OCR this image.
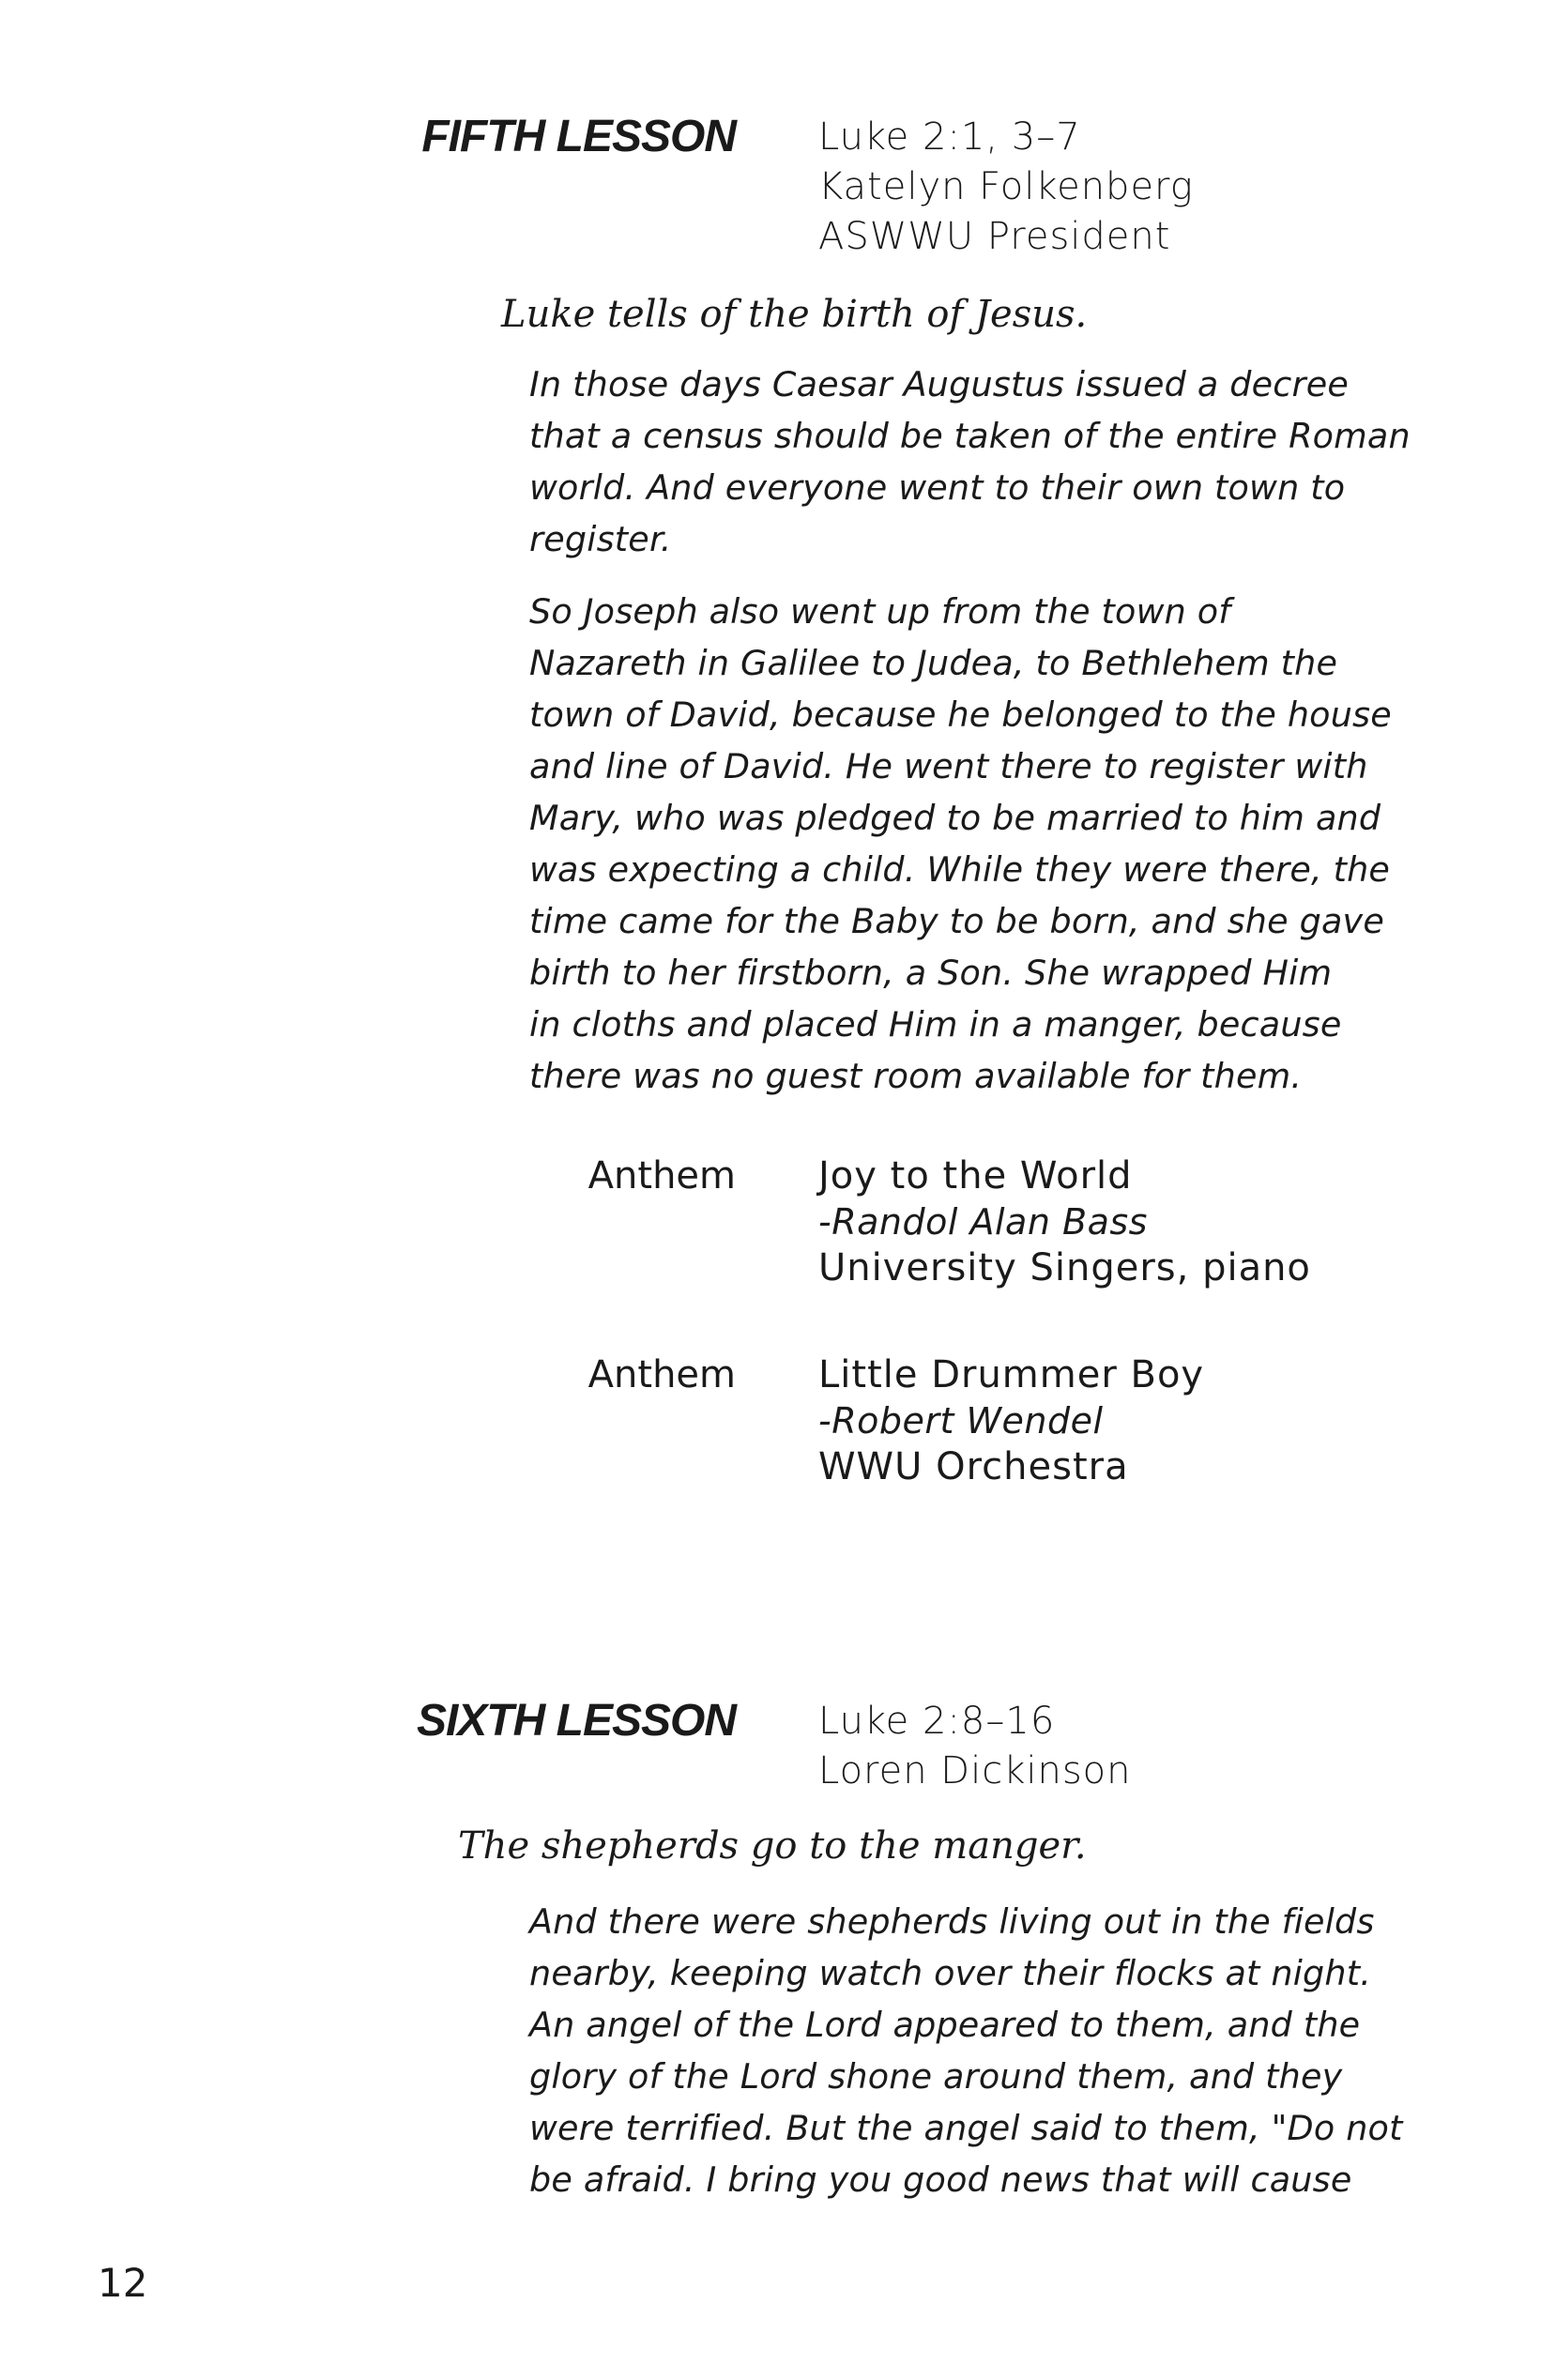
FIFTH LESSON Luke 2:1, 3–7
Katelyn Folkenberg
ASWWU President
Luke tells of the birth of Jesus.

In those days Caesar Augustus issued a decree
that a census should be taken of the entire Roman
world. And everyone went to their own town to
register.

So Joseph also went up from the town of
Nazareth in Galilee to Judea, to Bethlehem the
town of David, because he belonged to the house
and line of David. He went there to register with
Mary, who was pledged to be married to him and
was expecting a child. While they were there, the
time came for the Baby to be born, and she gave
birth to her firstborn, a Son. She wrapped Him
in cloths and placed Him in a manger, because
there was no guest room available for them.

Anthem Joy to the World
-Randol Alan Bass
University Singers, piano
Anthem Little Drummer Boy
-Robert Wendel
WWU Orchestra
SIXTH LESSON Luke 2:8–16
Loren Dickinson
The shepherds go to the manger.

And there were shepherds living out in the fields
nearby, keeping watch over their flocks at night.
An angel of the Lord appeared to them, and the
glory of the Lord shone around them, and they
were terrified. But the angel said to them, "Do not
be afraid. I bring you good news that will cause

12
